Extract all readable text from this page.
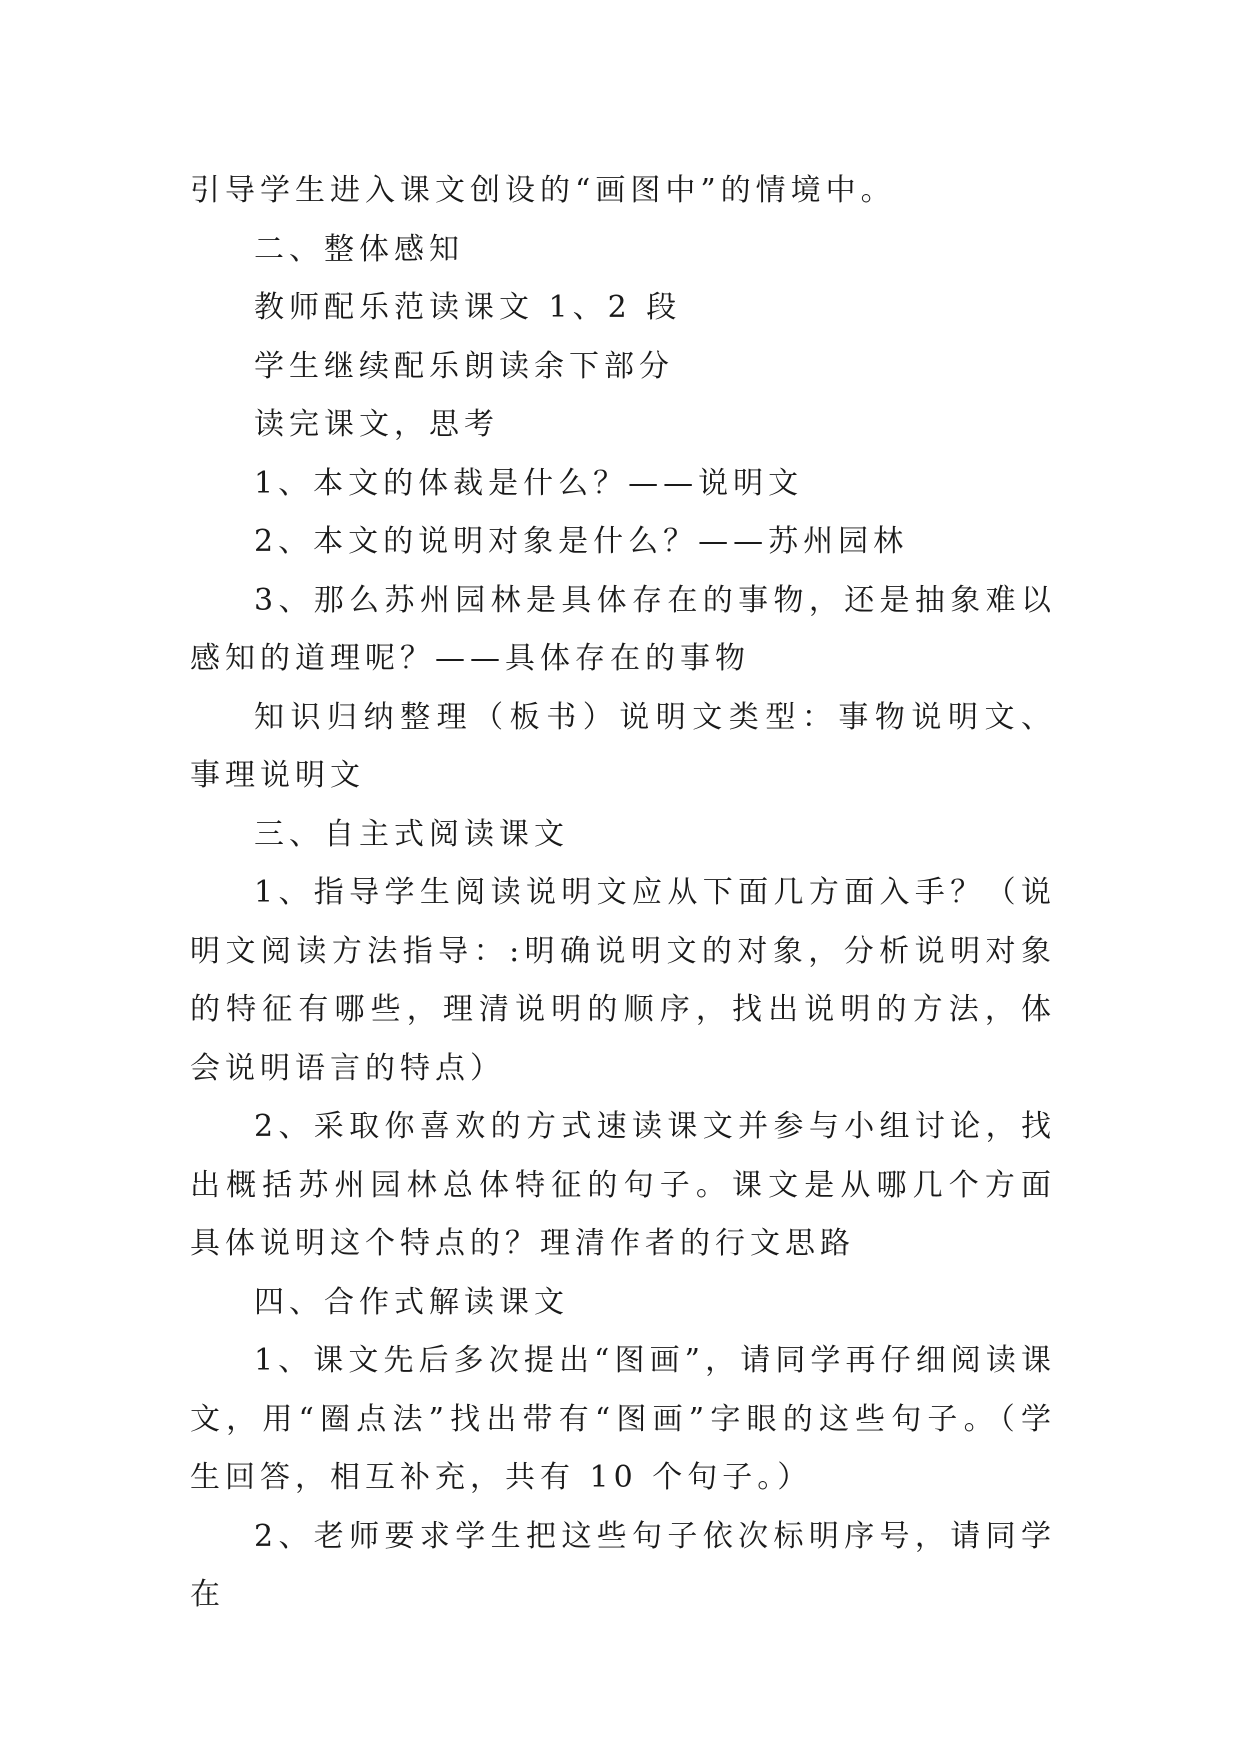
引导学生进入课文创设的“画图中”的情境中。

二、整体感知

教师配乐范读课文 1、2 段

学生继续配乐朗读余下部分

读完课文，思考

1、本文的体裁是什么？——说明文

2、本文的说明对象是什么？——苏州园林

3、那么苏州园林是具体存在的事物，还是抽象难以感知的道理呢？——具体存在的事物

知识归纳整理（板书）说明文类型：事物说明文、事理说明文

三、自主式阅读课文

1、指导学生阅读说明文应从下面几方面入手？（说明文阅读方法指导：:明确说明文的对象，分析说明对象的特征有哪些，理清说明的顺序，找出说明的方法，体会说明语言的特点）

2、采取你喜欢的方式速读课文并参与小组讨论，找出概括苏州园林总体特征的句子。课文是从哪几个方面具体说明这个特点的？理清作者的行文思路

四、合作式解读课文

1、课文先后多次提出“图画”，请同学再仔细阅读课文，用“圈点法”找出带有“图画”字眼的这些句子。（学生回答，相互补充，共有 10 个句子。）

2、老师要求学生把这些句子依次标明序号，请同学在
